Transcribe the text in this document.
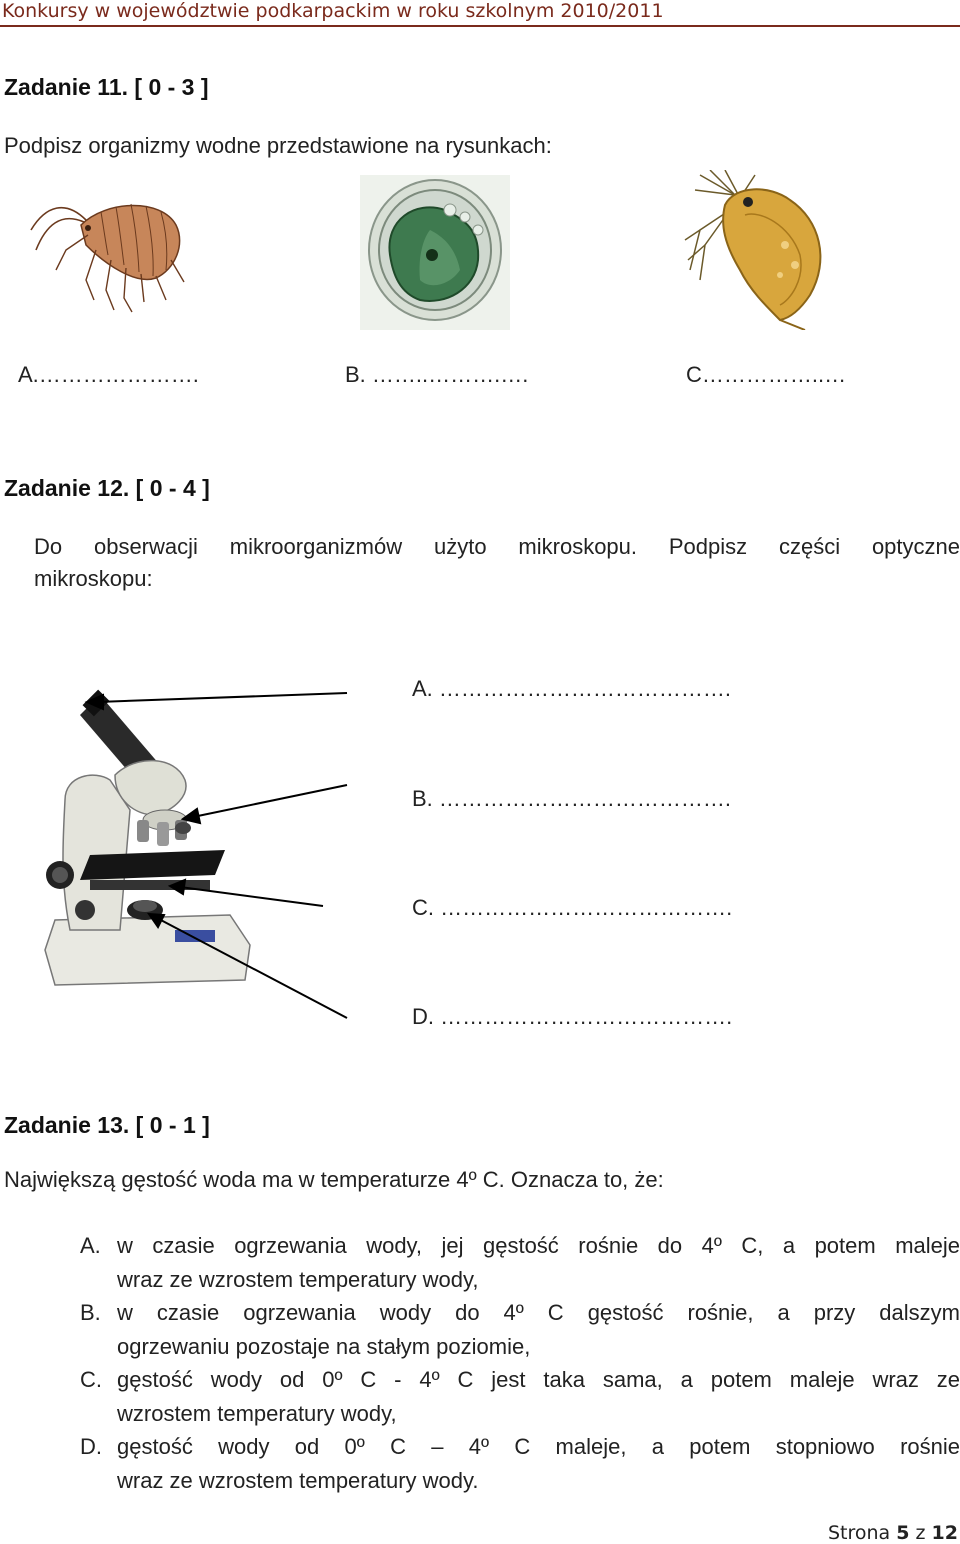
Konkursy w województwie podkarpackim w roku szkolnym 2010/2011
Zadanie 11. [ 0 - 3 ]
Podpisz organizmy wodne przedstawione na rysunkach:
A.………………….	B. ……..……….….	C……………..…
Zadanie 12. [ 0 - 4 ]
Do obserwacji mikroorganizmów użyto mikroskopu. Podpisz części optyczne
mikroskopu:
A. ………………………………….
B. ………………………………….
C. ………………………………….
D. ………………………………….
Zadanie 13. [ 0 - 1 ]
Największą gęstość woda ma w temperaturze 4º C. Oznacza to, że:
A. w czasie ogrzewania wody, jej gęstość rośnie do 4º C, a potem maleje
wraz ze wzrostem temperatury wody,
B. w czasie ogrzewania wody do 4º C gęstość rośnie, a przy dalszym
ogrzewaniu pozostaje na stałym poziomie,
C. gęstość wody od 0º C - 4º C jest taka sama, a potem maleje wraz ze
wzrostem temperatury wody,
D. gęstość wody od 0º C – 4º C maleje, a potem stopniowo rośnie
wraz ze wzrostem temperatury wody.
Strona 5 z 12
